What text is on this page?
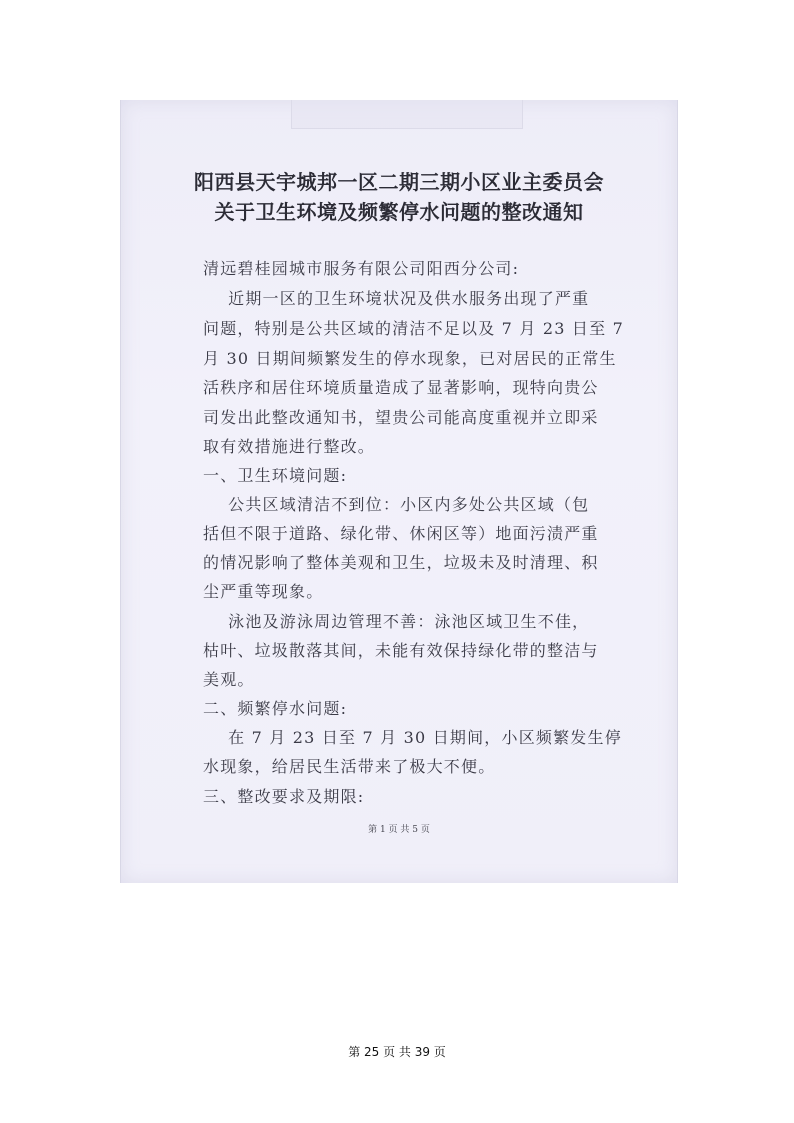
阳西县天宇城邦一区二期三期小区业主委员会
关于卫生环境及频繁停水问题的整改通知
清远碧桂园城市服务有限公司阳西分公司:
近期一区的卫生环境状况及供水服务出现了严重
问题，特别是公共区域的清洁不足以及 7 月 23 日至 7
月 30 日期间频繁发生的停水现象，已对居民的正常生
活秩序和居住环境质量造成了显著影响，现特向贵公
司发出此整改通知书，望贵公司能高度重视并立即采
取有效措施进行整改。
一、卫生环境问题:
公共区域清洁不到位：小区内多处公共区域（包
括但不限于道路、绿化带、休闲区等）地面污渍严重
的情况影响了整体美观和卫生，垃圾未及时清理、积
尘严重等现象。
泳池及游泳周边管理不善：泳池区域卫生不佳，
枯叶、垃圾散落其间，未能有效保持绿化带的整洁与
美观。
二、频繁停水问题:
在 7 月 23 日至 7 月 30 日期间，小区频繁发生停
水现象，给居民生活带来了极大不便。
三、整改要求及期限:
第 1 页 共 5 页
第 25 页 共 39 页
